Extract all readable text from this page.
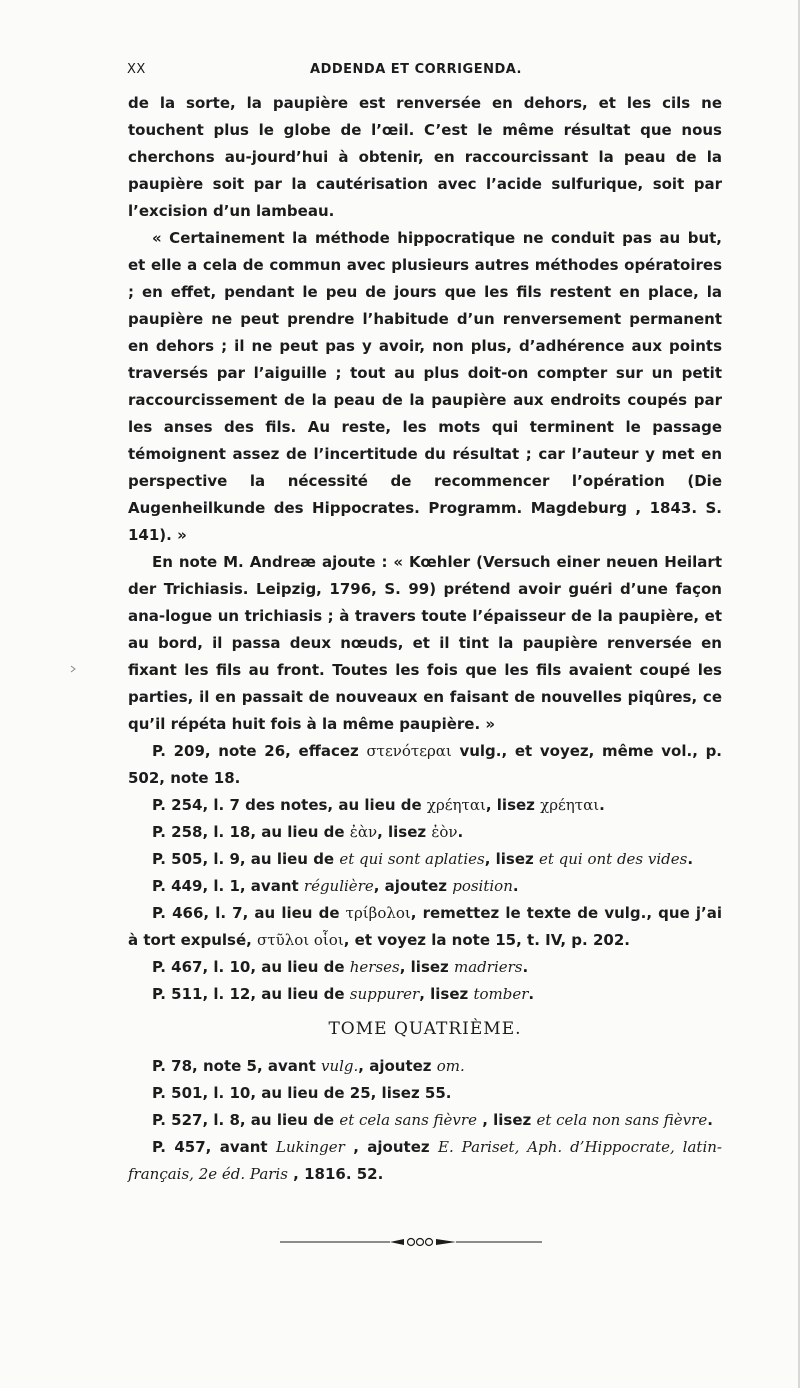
XX	ADDENDA ET CORRIGENDA.

de la sorte, la paupière est renversée en dehors, et les cils ne touchent plus le globe de l’œil. C’est le même résultat que nous cherchons au-jourd’hui à obtenir, en raccourcissant la peau de la paupière soit par la cautérisation avec l’acide sulfurique, soit par l’excision d’un lambeau.

« Certainement la méthode hippocratique ne conduit pas au but, et elle a cela de commun avec plusieurs autres méthodes opératoires ; en effet, pendant le peu de jours que les fils restent en place, la paupière ne peut prendre l’habitude d’un renversement permanent en dehors ; il ne peut pas y avoir, non plus, d’adhérence aux points traversés par l’aiguille ; tout au plus doit-on compter sur un petit raccourcissement de la peau de la paupière aux endroits coupés par les anses des fils. Au reste, les mots qui terminent le passage témoignent assez de l’incertitude du résultat ; car l’auteur y met en perspective la nécessité de recommencer l’opération (Die Augenheilkunde des Hippocrates. Programm. Magdeburg , 1843. S. 141). »

En note M. Andreæ ajoute : « Kœhler (Versuch einer neuen Heilart der Trichiasis. Leipzig, 1796, S. 99) prétend avoir guéri d’une façon ana-logue un trichiasis ; à travers toute l’épaisseur de la paupière, et au bord, il passa deux nœuds, et il tint la paupière renversée en fixant les fils au front. Toutes les fois que les fils avaient coupé les parties, il en passait de nouveaux en faisant de nouvelles piqûres, ce qu’il répéta huit fois à la même paupière. »

P. 209, note 26, effacez στενότεραι vulg., et voyez, même vol., p. 502, note 18.

P. 254, l. 7 des notes, au lieu de χρέηται, lisez χρέηται.

P. 258, l. 18, au lieu de ἐὰν, lisez ἐὸν.

P. 505, l. 9, au lieu de et qui sont aplaties, lisez et qui ont des vides.

P. 449, l. 1, avant régulière, ajoutez position.

P. 466, l. 7, au lieu de τρίβολοι, remettez le texte de vulg., que j’ai à tort expulsé, στῦλοι οἷοι, et voyez la note 15, t. IV, p. 202.

P. 467, l. 10, au lieu de herses, lisez madriers.

P. 511, l. 12, au lieu de suppurer, lisez tomber.

TOME QUATRIÈME.

P. 78, note 5, avant vulg., ajoutez om.

P. 501, l. 10, au lieu de 25, lisez 55.

P. 527, l. 8, au lieu de et cela sans fièvre , lisez et cela non sans fièvre.

P. 457, avant Lukinger , ajoutez E. Pariset, Aph. d’Hippocrate, latin-français, 2e éd. Paris , 1816. 52.
